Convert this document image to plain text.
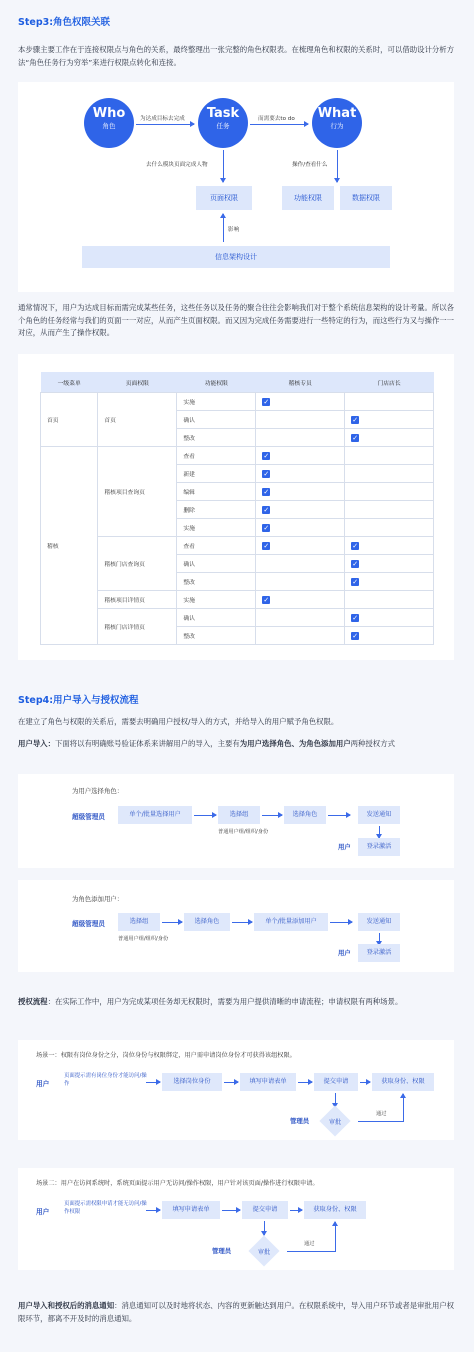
Step3:角色权限关联
本步骤主要工作在于连接权限点与角色的关系，最终整理出一张完整的角色权限表。在梳理角色和权限的关系时，可以借助设计分析方法“角色任务行为穷举”来进行权限点转化和连接。
Who
角色
Task
任务
What
行为
为达成目标去完成	而需要去to do
去什么模块页面完成人物	操作/查看什么
页面权限	功能权限	数据权限
影响
信息架构设计
通常情况下，用户为达成目标而需完成某些任务，这些任务以及任务的聚合往往会影响我们对于整个系统信息架构的设计考量。所以各个角色的任务经常与我们的页面一一对应，从而产生页面权限。而又因为完成任务需要进行一些特定的行为，而这些行为又与操作一一对应，从而产生了操作权限。
一级菜单	页面权限	功能权限	稽核专员	门店店长
首页	首页	实施	✓	
		确认		✓
		整改		✓
稽核	稽核项目查询页	查看	✓	
		新建	✓	
		编辑	✓	
		删除	✓	
		实施	✓	
	稽核门店查询页	查看	✓	✓
		确认		✓
		整改		✓
	稽核项目详情页	实施	✓	
	稽核门店详情页	确认		✓
		整改		✓
Step4:用户导入与授权流程
在建立了角色与权限的关系后，需要去明确用户授权/导入的方式，并给导入的用户赋予角色权限。
用户导入：下面将以有明确账号验证体系来讲解用户的导入，主要有为用户选择角色、为角色添加用户两种授权方式
为用户选择角色：
超级管理员	单个/批量选择用户	选择组
普通用户组/组织/身份
选择角色	发送通知
用户	登录激活
为角色添加用户：
超级管理员	选择组
普通用户组/组织/身份
选择角色	单个/批量添加用户	发送通知
用户	登录激活
授权流程：在实际工作中，用户为完成某项任务却无权限时，需要为用户提供清晰的申请流程；申请权限有两种场景。
场景一：权限有岗位身份之分，岗位身份与权限绑定，用户需申请岗位身份才可获得该组权限。
用户
页面提示需有岗位身份才能访问/操作	选择岗位身份	填写申请表单	提交申请	获取身份、权限
管理员	审批
通过
场景二：用户在访问系统时，系统页面提示用户无访问/操作权限，用户针对该页面/操作进行权限申请。
用户
页面提示需权限申请才能无访问/操作权限	填写申请表单	提交申请	获取身份、权限
管理员	审批
通过
用户导入和授权后的消息通知：消息通知可以及时地将状态、内容的更新触达到用户。在权限系统中，导入用户环节或者是审批用户权限环节，都离不开及时的消息通知。
